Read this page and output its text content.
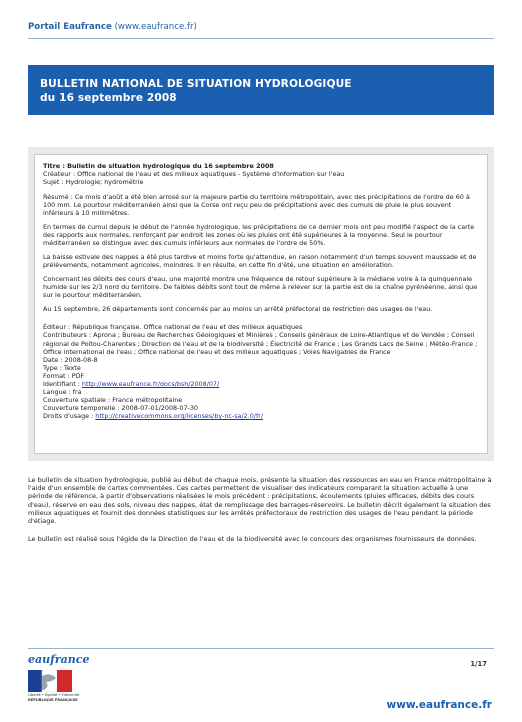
Portail Eaufrance (www.eaufrance.fr)
BULLETIN NATIONAL DE SITUATION HYDROLOGIQUE
du 16 septembre 2008
Titre : Bulletin de situation hydrologique du 16 septembre 2008
Créateur : Office national de l'eau et des milieux aquatiques - Système d'information sur l'eau
Sujet : Hydrologie; hydrométrie

Résumé : Ce mois d'août a été bien arrosé sur la majeure partie du territoire métropolitain, avec des précipitations de l'ordre de 60 à 100 mm. Le pourtour méditerranéen ainsi que la Corse ont reçu peu de précipitations avec des cumuls de pluie le plus souvent inférieurs à 10 millimètres.

En termes de cumul depuis le début de l'année hydrologique, les précipitations de ce dernier mois ont peu modifié l'aspect de la carte des rapports aux normales, renforçant par endroit les zones où les pluies ont été supérieures à la moyenne. Seul le pourtour méditerranéen se distingue avec des cumuls inférieurs aux normales de l'ordre de 50%.

La baisse estivale des nappes a été plus tardive et moins forte qu'attendue, en raison notamment d'un temps souvent maussade et de prélèvements, notamment agricoles, moindres. Il en résulte, en cette fin d'été, une situation en amélioration.

Concernant les débits des cours d'eau, une majorité montre une fréquence de retour supérieure à la médiane voire à la quinquennale humide sur les 2/3 nord du territoire. De faibles débits sont tout de même à relever sur la partie est de la chaîne pyrénéenne, ainsi que sur le pourtour méditerranéen.

Au 15 septembre, 26 départements sont concernés par au moins un arrêté préfectoral de restriction des usages de l'eau.

Éditeur : République française. Office national de l'eau et des milieux aquatiques
Contributeurs : Aprona ; Bureau de Recherches Géologiques et Minières ; Conseils généraux de Loire-Atlantique et de Vendée ; Conseil régional de Poitou-Charentes ; Direction de l'eau et de la biodiversité ; Électricité de France ; Les Grands Lacs de Seine ; Météo-France ; Office international de l'eau ; Office national de l'eau et des milieux aquatiques ; Voies Navigables de France
Date : 2008-08-8
Type : Texte
Format : PDF
Identifiant : http://www.eaufrance.fr/docs/bsh/2008/07/
Langue : fra
Couverture spatiale : France métropolitaine
Couverture temporelle : 2008-07-01/2008-07-30
Droits d'usage : http://creativecommons.org/licenses/by-nc-sa/2.0/fr/

Le bulletin de situation hydrologique, publié au début de chaque mois, présente la situation des ressources en eau en France métropolitaine à l'aide d'un ensemble de cartes commentées. Ces cartes permettent de visualiser des indicateurs comparant la situation actuelle à une période de référence, à partir d'observations réalisées le mois précédent : précipitations, écoulements (pluies efficaces, débits des cours d'eau), réserve en eau des sols, niveau des nappes, état de remplissage des barrages-réservoirs. Le bulletin décrit également la situation des milieux aquatiques et fournit des données statistiques sur les arrêtés préfectoraux de restriction des usages de l'eau pendant la période d'étiage.

Le bulletin est réalisé sous l'égide de la Direction de l'eau et de la biodiversité avec le concours des organismes fournisseurs de données.

eaufrance
Liberté • Égalité • Fraternité
RÉPUBLIQUE FRANÇAISE
1/17
www.eaufrance.fr
